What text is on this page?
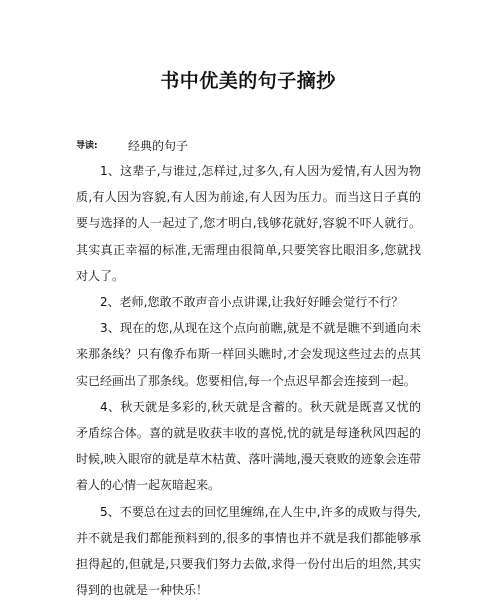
书中优美的句子摘抄
导读:	经典的句子

1、这辈子,与谁过,怎样过,过多久,有人因为爱情,有人因为物质,有人因为容貌,有人因为前途,有人因为压力。而当这日子真的要与选择的人一起过了,您才明白,钱够花就好,容貌不吓人就行。其实真正幸福的标准,无需理由很简单,只要笑容比眼泪多,您就找对人了。

2、老师,您敢不敢声音小点讲课,让我好好睡会觉行不行？

3、现在的您,从现在这个点向前瞧,就是不就是瞧不到通向未来那条线？只有像乔布斯一样回头瞧时,才会发现这些过去的点其实已经画出了那条线。您要相信,每一个点迟早都会连接到一起。

4、秋天就是多彩的,秋天就是含蓄的。秋天就是既喜又忧的矛盾综合体。喜的就是收获丰收的喜悦,忧的就是每逢秋风四起的时候,映入眼帘的就是草木枯黄、落叶满地,漫天衰败的迹象会连带着人的心情一起灰暗起来。

5、不要总在过去的回忆里缠绵,在人生中,许多的成败与得失,并不就是我们都能预料到的,很多的事情也并不就是我们都能够承担得起的,但就是,只要我们努力去做,求得一份付出后的坦然,其实得到的也就是一种快乐！
